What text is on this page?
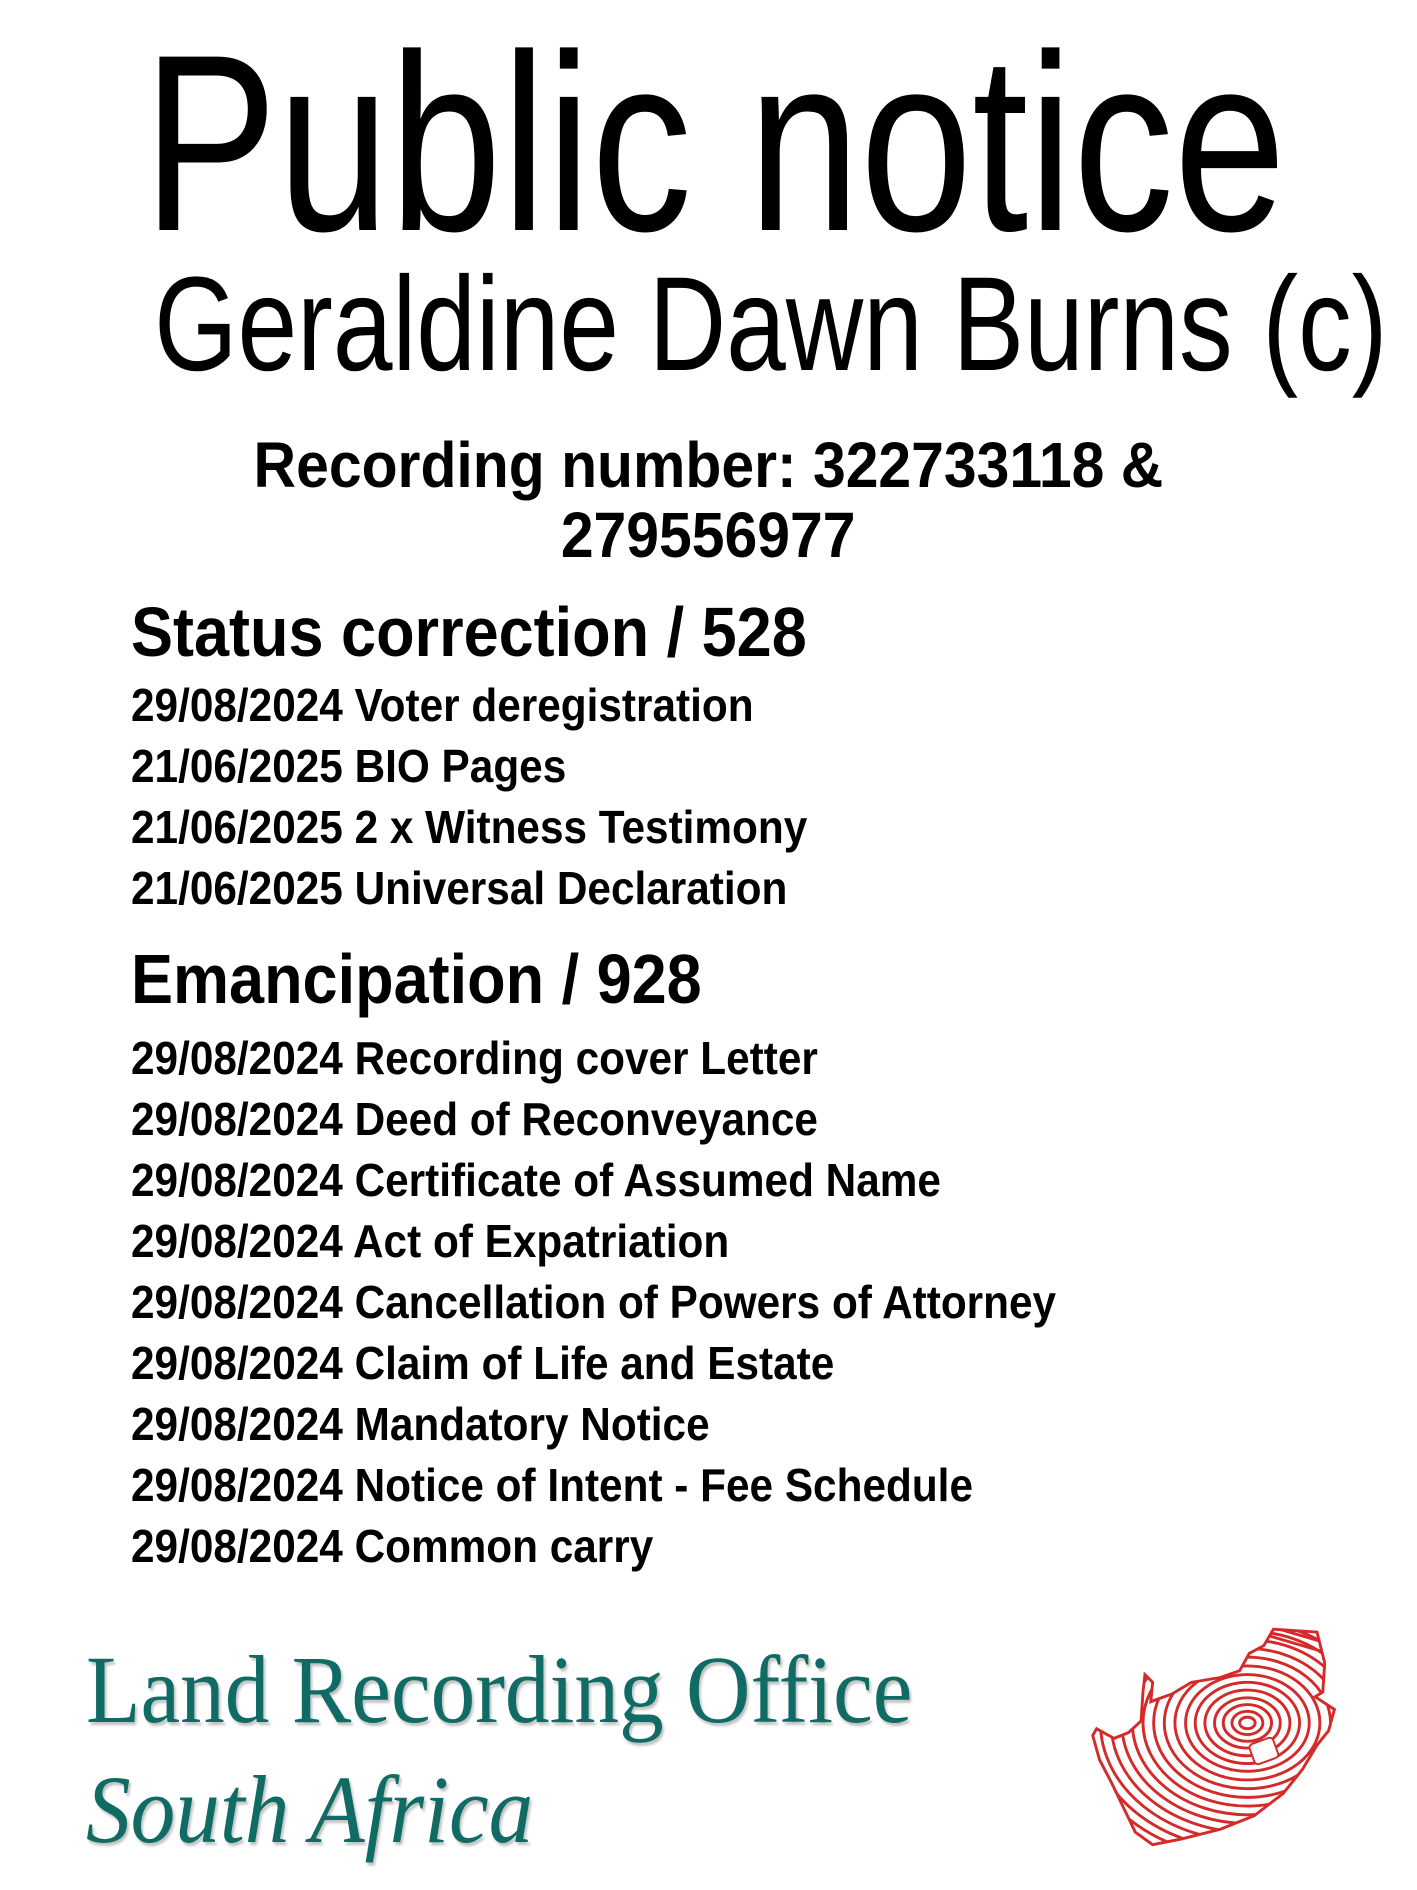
Public notice
Geraldine Dawn Burns (c)
Recording number: 322733118 &
279556977
Status correction / 528
29/08/2024 Voter deregistration
21/06/2025 BIO Pages
21/06/2025 2 x Witness Testimony
21/06/2025 Universal Declaration
Emancipation / 928
29/08/2024 Recording cover Letter
29/08/2024 Deed of Reconveyance
29/08/2024 Certificate of Assumed Name
29/08/2024 Act of Expatriation
29/08/2024 Cancellation of Powers of Attorney
29/08/2024 Claim of Life and Estate
29/08/2024 Mandatory Notice
29/08/2024 Notice of Intent - Fee Schedule
29/08/2024 Common carry
Land Recording Office
South Africa
